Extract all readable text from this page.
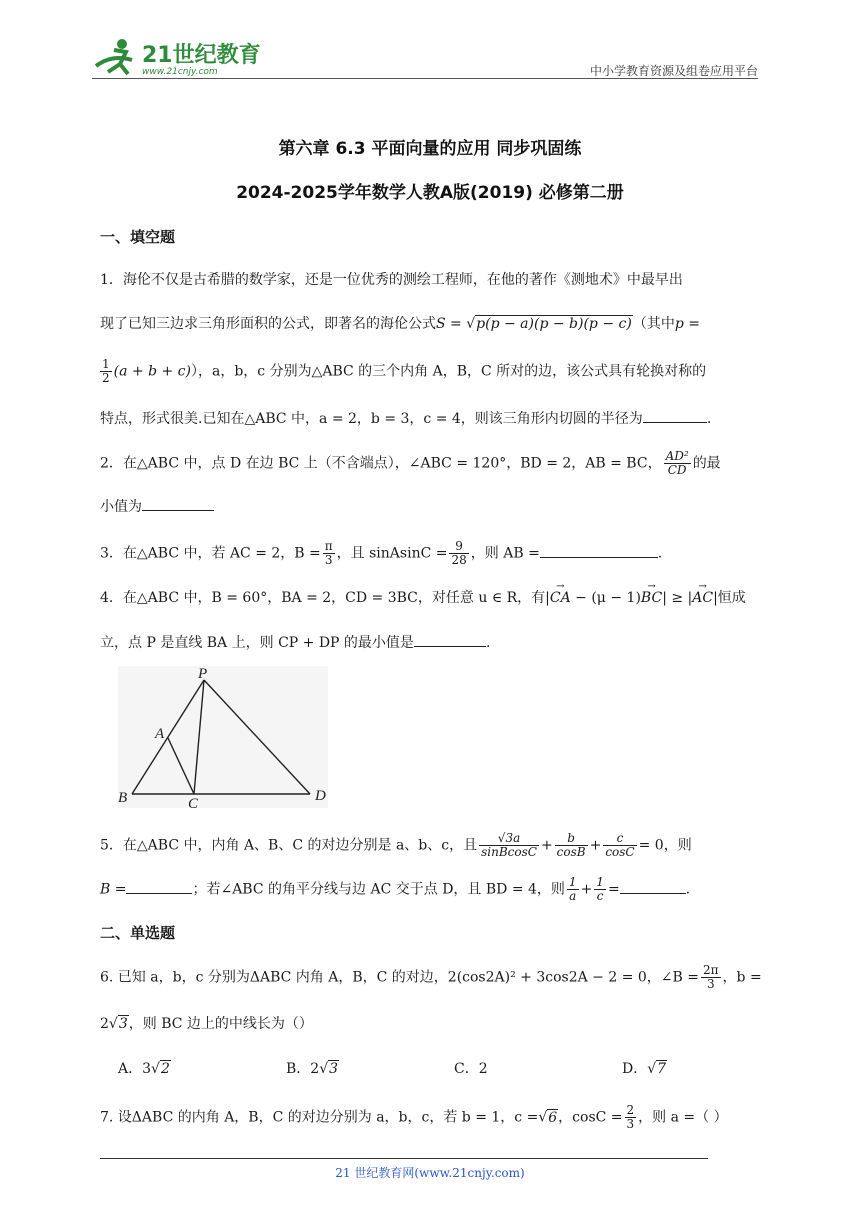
21世纪教育
www.21cnjy.com	中小学教育资源及组卷应用平台
第六章 6.3 平面向量的应用 同步巩固练
2024-2025学年数学人教A版(2019) 必修第二册
一、填空题
1．海伦不仅是古希腊的数学家，还是一位优秀的测绘工程师，在他的著作《测地术》中最早出
现了已知三边求三角形面积的公式，即著名的海伦公式S = √p(p − a)(p − b)(p − c)（其中p =
$\frac{1}{2} (a + b + c)$），a，b，c 分别为△ABC 的三个内角 A，B，C 所对的边，该公式具有轮换对称的
特点，形式很美.已知在△ABC 中，a = 2，b = 3，c = 4，则该三角形内切圆的半径为	.
2．在△ABC 中，点 D 在边 BC 上（不含端点），∠ABC = 120°，BD = 2，AB = BC， $\frac{\text{AD²}}{CD}$ 的最
小值为
3．在△ABC 中，若 AC = 2，$B = \frac{\pi}{3}$ ，且 sinAsinC = $\frac{9}{28}$ ，则 AB =	.
4．在△ABC 中，B = 60°，BA = 2，CD = 3BC，对任意 u ∈ R，有|→ CA − (μ − 1)→ BC| ≥ |→ AC|恒成
立，点 P 是直线 BA 上，则 CP + DP 的最小值是	.
P
A
B	C	D
5．在△ABC 中，内角 A、B、C 的对边分别是 a、b、c，且 $\frac{√3a}{\text{sinBcosC}} + \frac{b}{\cos B} + \frac{c}{\cos C} = 0$，则
B =	；若∠ABC 的角平分线与边 AC 交于点 D，且 BD = 4，则 $\frac{1}{a} + \frac{1}{c}$ =	.
二、单选题
6. 已知 a，b，c 分别为ΔABC 内角 A，B，C 的对边，2(cos2A)² + 3cos2A − 2 = 0，∠B = $\frac{2\pi}{3}$ ，b =
2√3，则 BC 边上的中线长为（）
A．3√2	B．2√3	C．2	D．√7
7. 设ΔABC 的内角 A，B，C 的对边分别为 a，b，c，若 b = 1，c =√6，$\cos C = \frac{2}{3}$ ，则 a =（ ）
21 世纪教育网(www.21cnjy.com)
